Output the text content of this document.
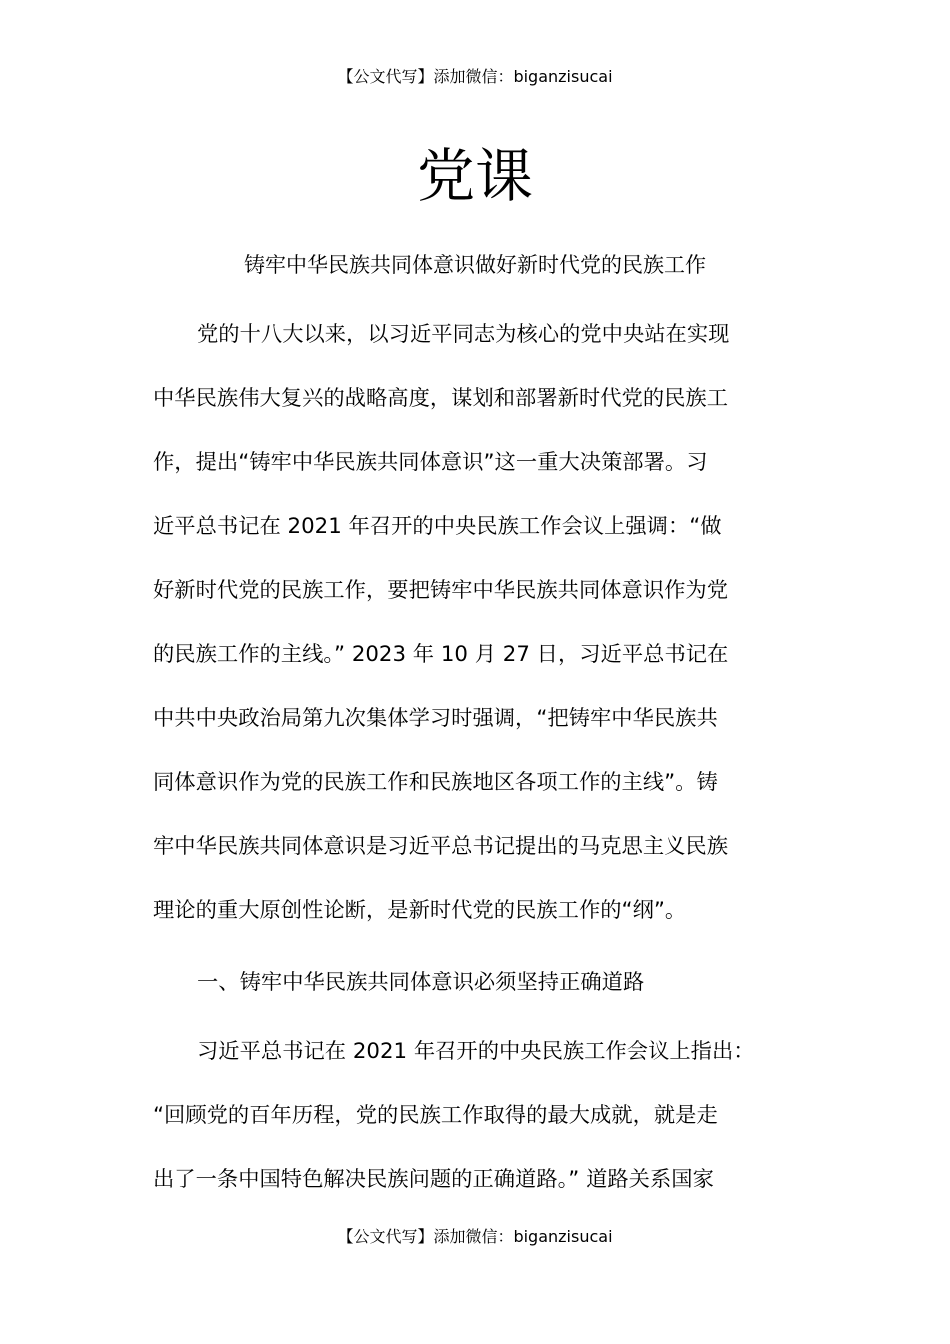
【公文代写】添加微信：biganzisucai
党课
铸牢中华民族共同体意识做好新时代党的民族工作
党的十八大以来，以习近平同志为核心的党中央站在实现
中华民族伟大复兴的战略高度，谋划和部署新时代党的民族工
作，提出“铸牢中华民族共同体意识”这一重大决策部署。习
近平总书记在 2021 年召开的中央民族工作会议上强调：“做
好新时代党的民族工作，要把铸牢中华民族共同体意识作为党
的民族工作的主线。” 2023 年 10 月 27 日，习近平总书记在
中共中央政治局第九次集体学习时强调，“把铸牢中华民族共
同体意识作为党的民族工作和民族地区各项工作的主线”。铸
牢中华民族共同体意识是习近平总书记提出的马克思主义民族
理论的重大原创性论断，是新时代党的民族工作的“纲”。
一、铸牢中华民族共同体意识必须坚持正确道路
习近平总书记在 2021 年召开的中央民族工作会议上指出：
“回顾党的百年历程，党的民族工作取得的最大成就，就是走
出了一条中国特色解决民族问题的正确道路。” 道路关系国家
【公文代写】添加微信：biganzisucai
